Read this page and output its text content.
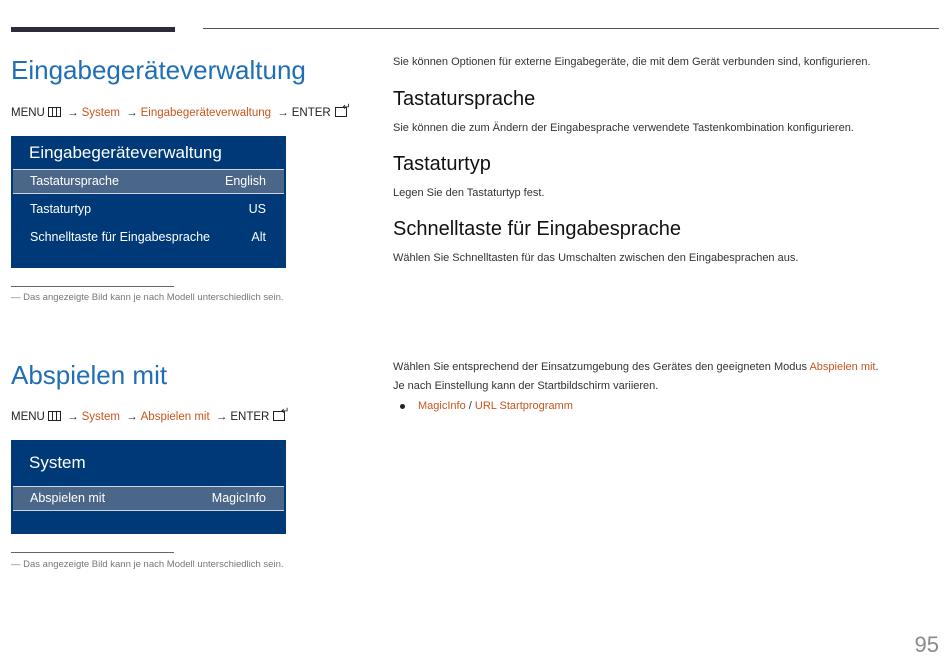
Eingabegeräteverwaltung
MENU → System → Eingabegeräteverwaltung → ENTER↵
Eingabegeräteverwaltung
Tastatursprache	English
Tastaturtyp	US
Schnelltaste für Eingabesprache	Alt
― Das angezeigte Bild kann je nach Modell unterschiedlich sein.
Sie können Optionen für externe Eingabegeräte, die mit dem Gerät verbunden sind, konfigurieren.
Tastatursprache
Sie können die zum Ändern der Eingabesprache verwendete Tastenkombination konfigurieren.
Tastaturtyp
Legen Sie den Tastaturtyp fest.
Schnelltaste für Eingabesprache
Wählen Sie Schnelltasten für das Umschalten zwischen den Eingabesprachen aus.
Abspielen mit
MENU → System → Abspielen mit → ENTER↵
System
Abspielen mit	MagicInfo
― Das angezeigte Bild kann je nach Modell unterschiedlich sein.
Wählen Sie entsprechend der Einsatzumgebung des Gerätes den geeigneten Modus Abspielen mit.
Je nach Einstellung kann der Startbildschirm variieren.
MagicInfo / URL Startprogramm
95
